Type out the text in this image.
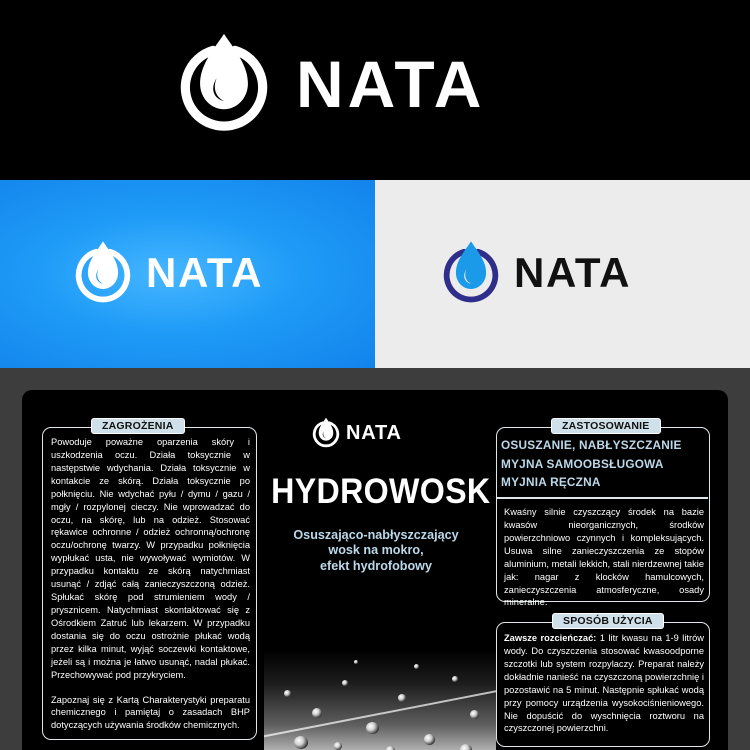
NATA
NATA	NATA
ZAGROŻENIA

Powoduje poważne oparzenia skóry i uszkodzenia oczu. Działa toksycznie w następstwie wdychania. Działa toksycznie w kontakcie ze skórą. Działa toksycznie po połknięciu. Nie wdychać pyłu / dymu / gazu / mgły / rozpylonej cieczy. Nie wprowadzać do oczu, na skórę, lub na odzież. Stosować rękawice ochronne / odzież ochronną/ochronę oczu/ochronę twarzy. W przypadku połknięcia wypłukać usta, nie wywoływać wymiotów. W przypadku kontaktu ze skórą natychmiast usunąć / zdjąć całą zanieczyszczoną odzież. Spłukać skórę pod strumieniem wody / prysznicem. Natychmiast skontaktować się z Ośrodkiem Zatruć lub lekarzem. W przypadku dostania się do oczu ostrożnie płukać wodą przez kilka minut, wyjąć soczewki kontaktowe, jeżeli są i można je łatwo usunąć, nadal płukać. Przechowywać pod przykryciem.

Zapoznaj się z Kartą Charakterystyki preparatu chemicznego i pamiętaj o zasadach BHP dotyczących używania środków chemicznych.

NATA
HYDROWOSK
Osuszająco-nabłyszczający
wosk na mokro,
efekt hydrofobowy
ZASTOSOWANIE
OSUSZANIE, NABŁYSZCZANIE
MYJNA SAMOOBSŁUGOWA
MYJNIA RĘCZNA
Kwaśny silnie czyszczący środek na bazie kwasów nieorganicznych, środków powierzchniowo czynnych i kompleksujących. Usuwa silne zanieczyszczenia ze stopów aluminium, metali lekkich, stali nierdzewnej takie jak: nagar z klocków hamulcowych, zanieczyszczenia atmosferyczne, osady mineralne.
SPOSÓB UŻYCIA
Zawsze rozcieńczać: 1 litr kwasu na 1-9 litrów wody. Do czyszczenia stosować kwasoodporne szczotki lub system rozpylaczy. Preparat należy dokładnie nanieść na czyszczoną powierzchnię i pozostawić na 5 minut. Następnie spłukać wodą przy pomocy urządzenia wysokociśnieniowego. Nie dopuścić do wyschnięcia roztworu na czyszczonej powierzchni.
